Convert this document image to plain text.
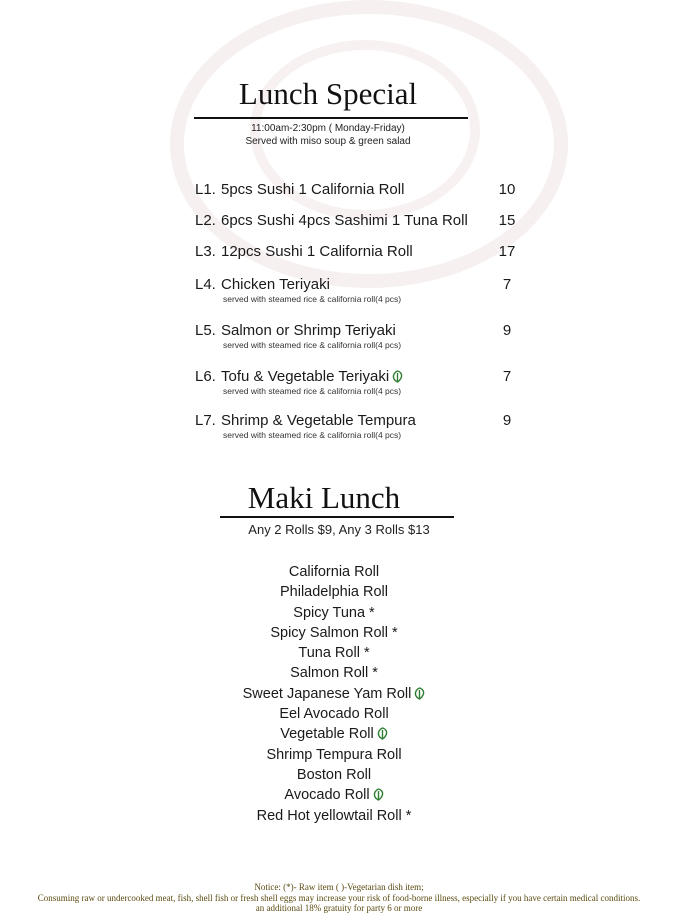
Lunch Special
11:00am-2:30pm ( Monday-Friday)
Served with miso soup & green salad
L1. 5pcs Sushi 1 California Roll	10
L2. 6pcs Sushi 4pcs Sashimi 1 Tuna Roll	15
L3. 12pcs Sushi 1 California Roll	17
L4. Chicken Teriyaki	7
served with steamed rice & california roll(4 pcs)
L5. Salmon or Shrimp Teriyaki	9
served with steamed rice & california roll(4 pcs)
L6. Tofu & Vegetable Teriyaki	7
served with steamed rice & california roll(4 pcs)
L7. Shrimp & Vegetable Tempura	9
served with steamed rice & california roll(4 pcs)
Maki Lunch
Any 2 Rolls $9, Any 3 Rolls $13
California Roll
Philadelphia Roll
Spicy Tuna *
Spicy Salmon Roll *
Tuna Roll *
Salmon Roll *
Sweet Japanese Yam Roll
Eel Avocado Roll
Vegetable Roll
Shrimp Tempura Roll
Boston Roll
Avocado Roll
Red Hot yellowtail Roll *
Notice: (*)- Raw item ( )-Vegetarian dish item;
Consuming raw or undercooked meat, fish, shell fish or fresh shell eggs may increase your risk of food-borne illness, especially if you have certain medical conditions.
an additional 18% gratuity for party 6 or more
